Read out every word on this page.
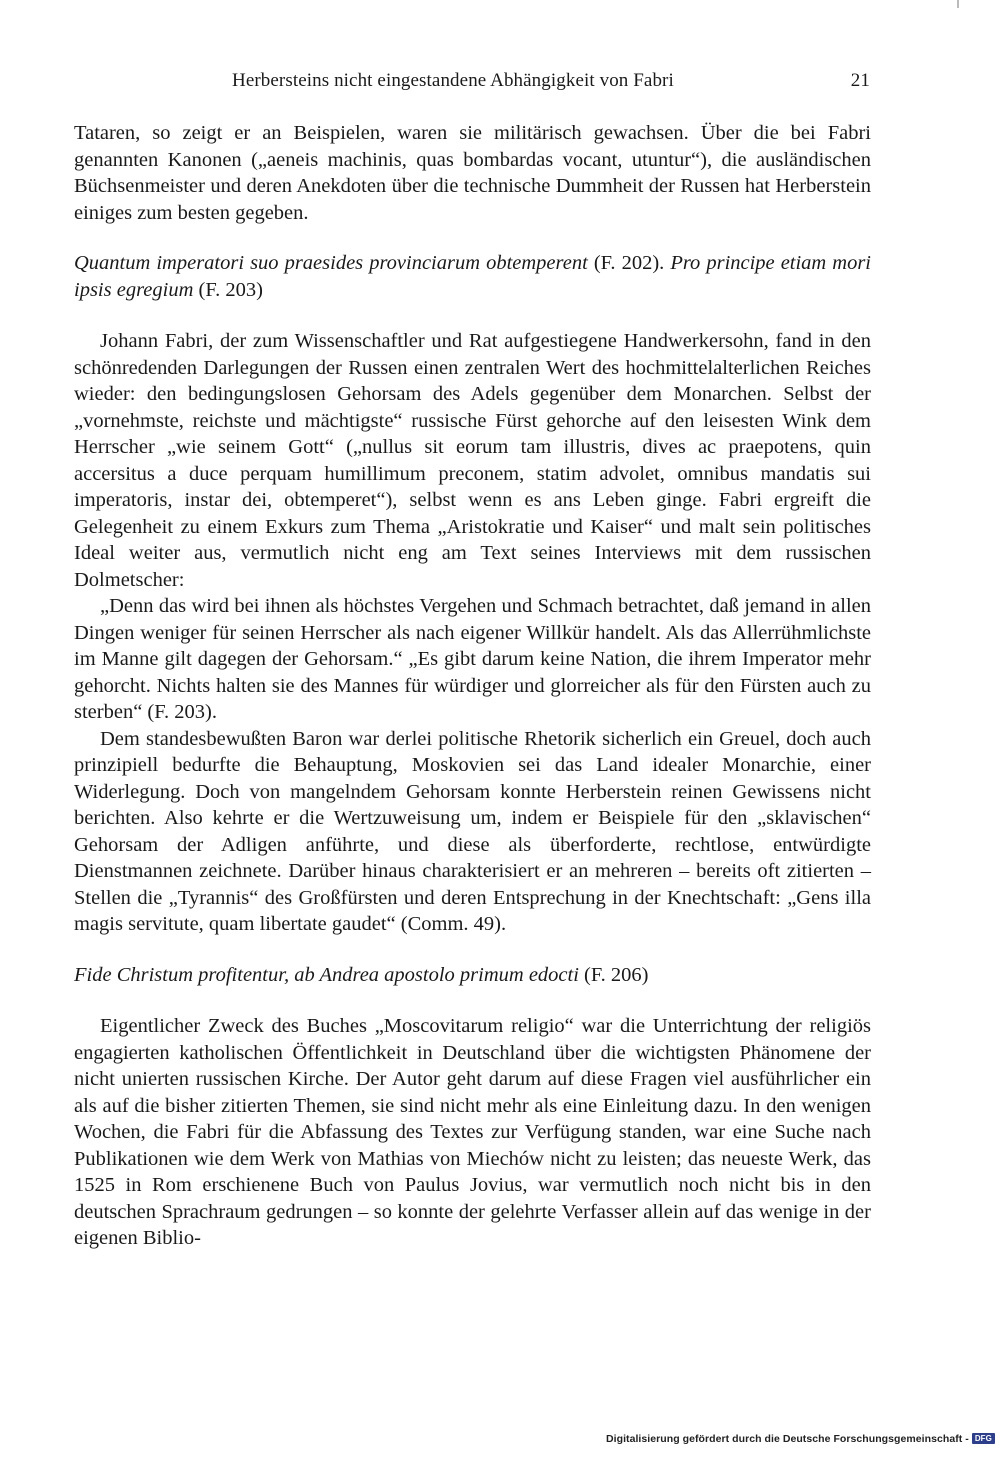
Herbersteins nicht eingestandene Abhängigkeit von Fabri	21

Tataren, so zeigt er an Beispielen, waren sie militärisch gewachsen. Über die bei Fabri genannten Kanonen („aeneis machinis, quas bombardas vocant, utuntur“), die ausländischen Büchsenmeister und deren Anekdoten über die technische Dummheit der Russen hat Herberstein einiges zum besten gegeben.

Quantum imperatori suo praesides provinciarum obtemperent (F. 202). Pro principe etiam mori ipsis egregium (F. 203)

Johann Fabri, der zum Wissenschaftler und Rat aufgestiegene Handwerkersohn, fand in den schönredenden Darlegungen der Russen einen zentralen Wert des hochmittelalterlichen Reiches wieder: den bedingungslosen Gehorsam des Adels gegenüber dem Monarchen. Selbst der „vornehmste, reichste und mächtigste“ russische Fürst gehorche auf den leisesten Wink dem Herrscher „wie seinem Gott“ („nullus sit eorum tam illustris, dives ac praepotens, quin accersitus a duce perquam humillimum preconem, statim advolet, omnibus mandatis sui imperatoris, instar dei, obtemperet“), selbst wenn es ans Leben ginge. Fabri ergreift die Gelegenheit zu einem Exkurs zum Thema „Aristokratie und Kaiser“ und malt sein politisches Ideal weiter aus, vermutlich nicht eng am Text seines Interviews mit dem russischen Dolmetscher:

„Denn das wird bei ihnen als höchstes Vergehen und Schmach betrachtet, daß jemand in allen Dingen weniger für seinen Herrscher als nach eigener Willkür handelt. Als das Allerrühmlichste im Manne gilt dagegen der Gehorsam.“ „Es gibt darum keine Nation, die ihrem Imperator mehr gehorcht. Nichts halten sie des Mannes für würdiger und glorreicher als für den Fürsten auch zu sterben“ (F. 203).

Dem standesbewußten Baron war derlei politische Rhetorik sicherlich ein Greuel, doch auch prinzipiell bedurfte die Behauptung, Moskovien sei das Land idealer Monarchie, einer Widerlegung. Doch von mangelndem Gehorsam konnte Herberstein reinen Gewissens nicht berichten. Also kehrte er die Wertzuweisung um, indem er Beispiele für den „sklavischen“ Gehorsam der Adligen anführte, und diese als überforderte, rechtlose, entwürdigte Dienstmannen zeichnete. Darüber hinaus charakterisiert er an mehreren – bereits oft zitierten – Stellen die „Tyrannis“ des Großfürsten und deren Entsprechung in der Knechtschaft: „Gens illa magis servitute, quam libertate gaudet“ (Comm. 49).

Fide Christum profitentur, ab Andrea apostolo primum edocti (F. 206)

Eigentlicher Zweck des Buches „Moscovitarum religio“ war die Unterrichtung der religiös engagierten katholischen Öffentlichkeit in Deutschland über die wichtigsten Phänomene der nicht unierten russischen Kirche. Der Autor geht darum auf diese Fragen viel ausführlicher ein als auf die bisher zitierten Themen, sie sind nicht mehr als eine Einleitung dazu. In den wenigen Wochen, die Fabri für die Abfassung des Textes zur Verfügung standen, war eine Suche nach Publikationen wie dem Werk von Mathias von Miechów nicht zu leisten; das neueste Werk, das 1525 in Rom erschienene Buch von Paulus Jovius, war vermutlich noch nicht bis in den deutschen Sprachraum gedrungen – so konnte der gelehrte Verfasser allein auf das wenige in der eigenen Biblio-

Digitalisierung gefördert durch die Deutsche Forschungsgemeinschaft - DFG
